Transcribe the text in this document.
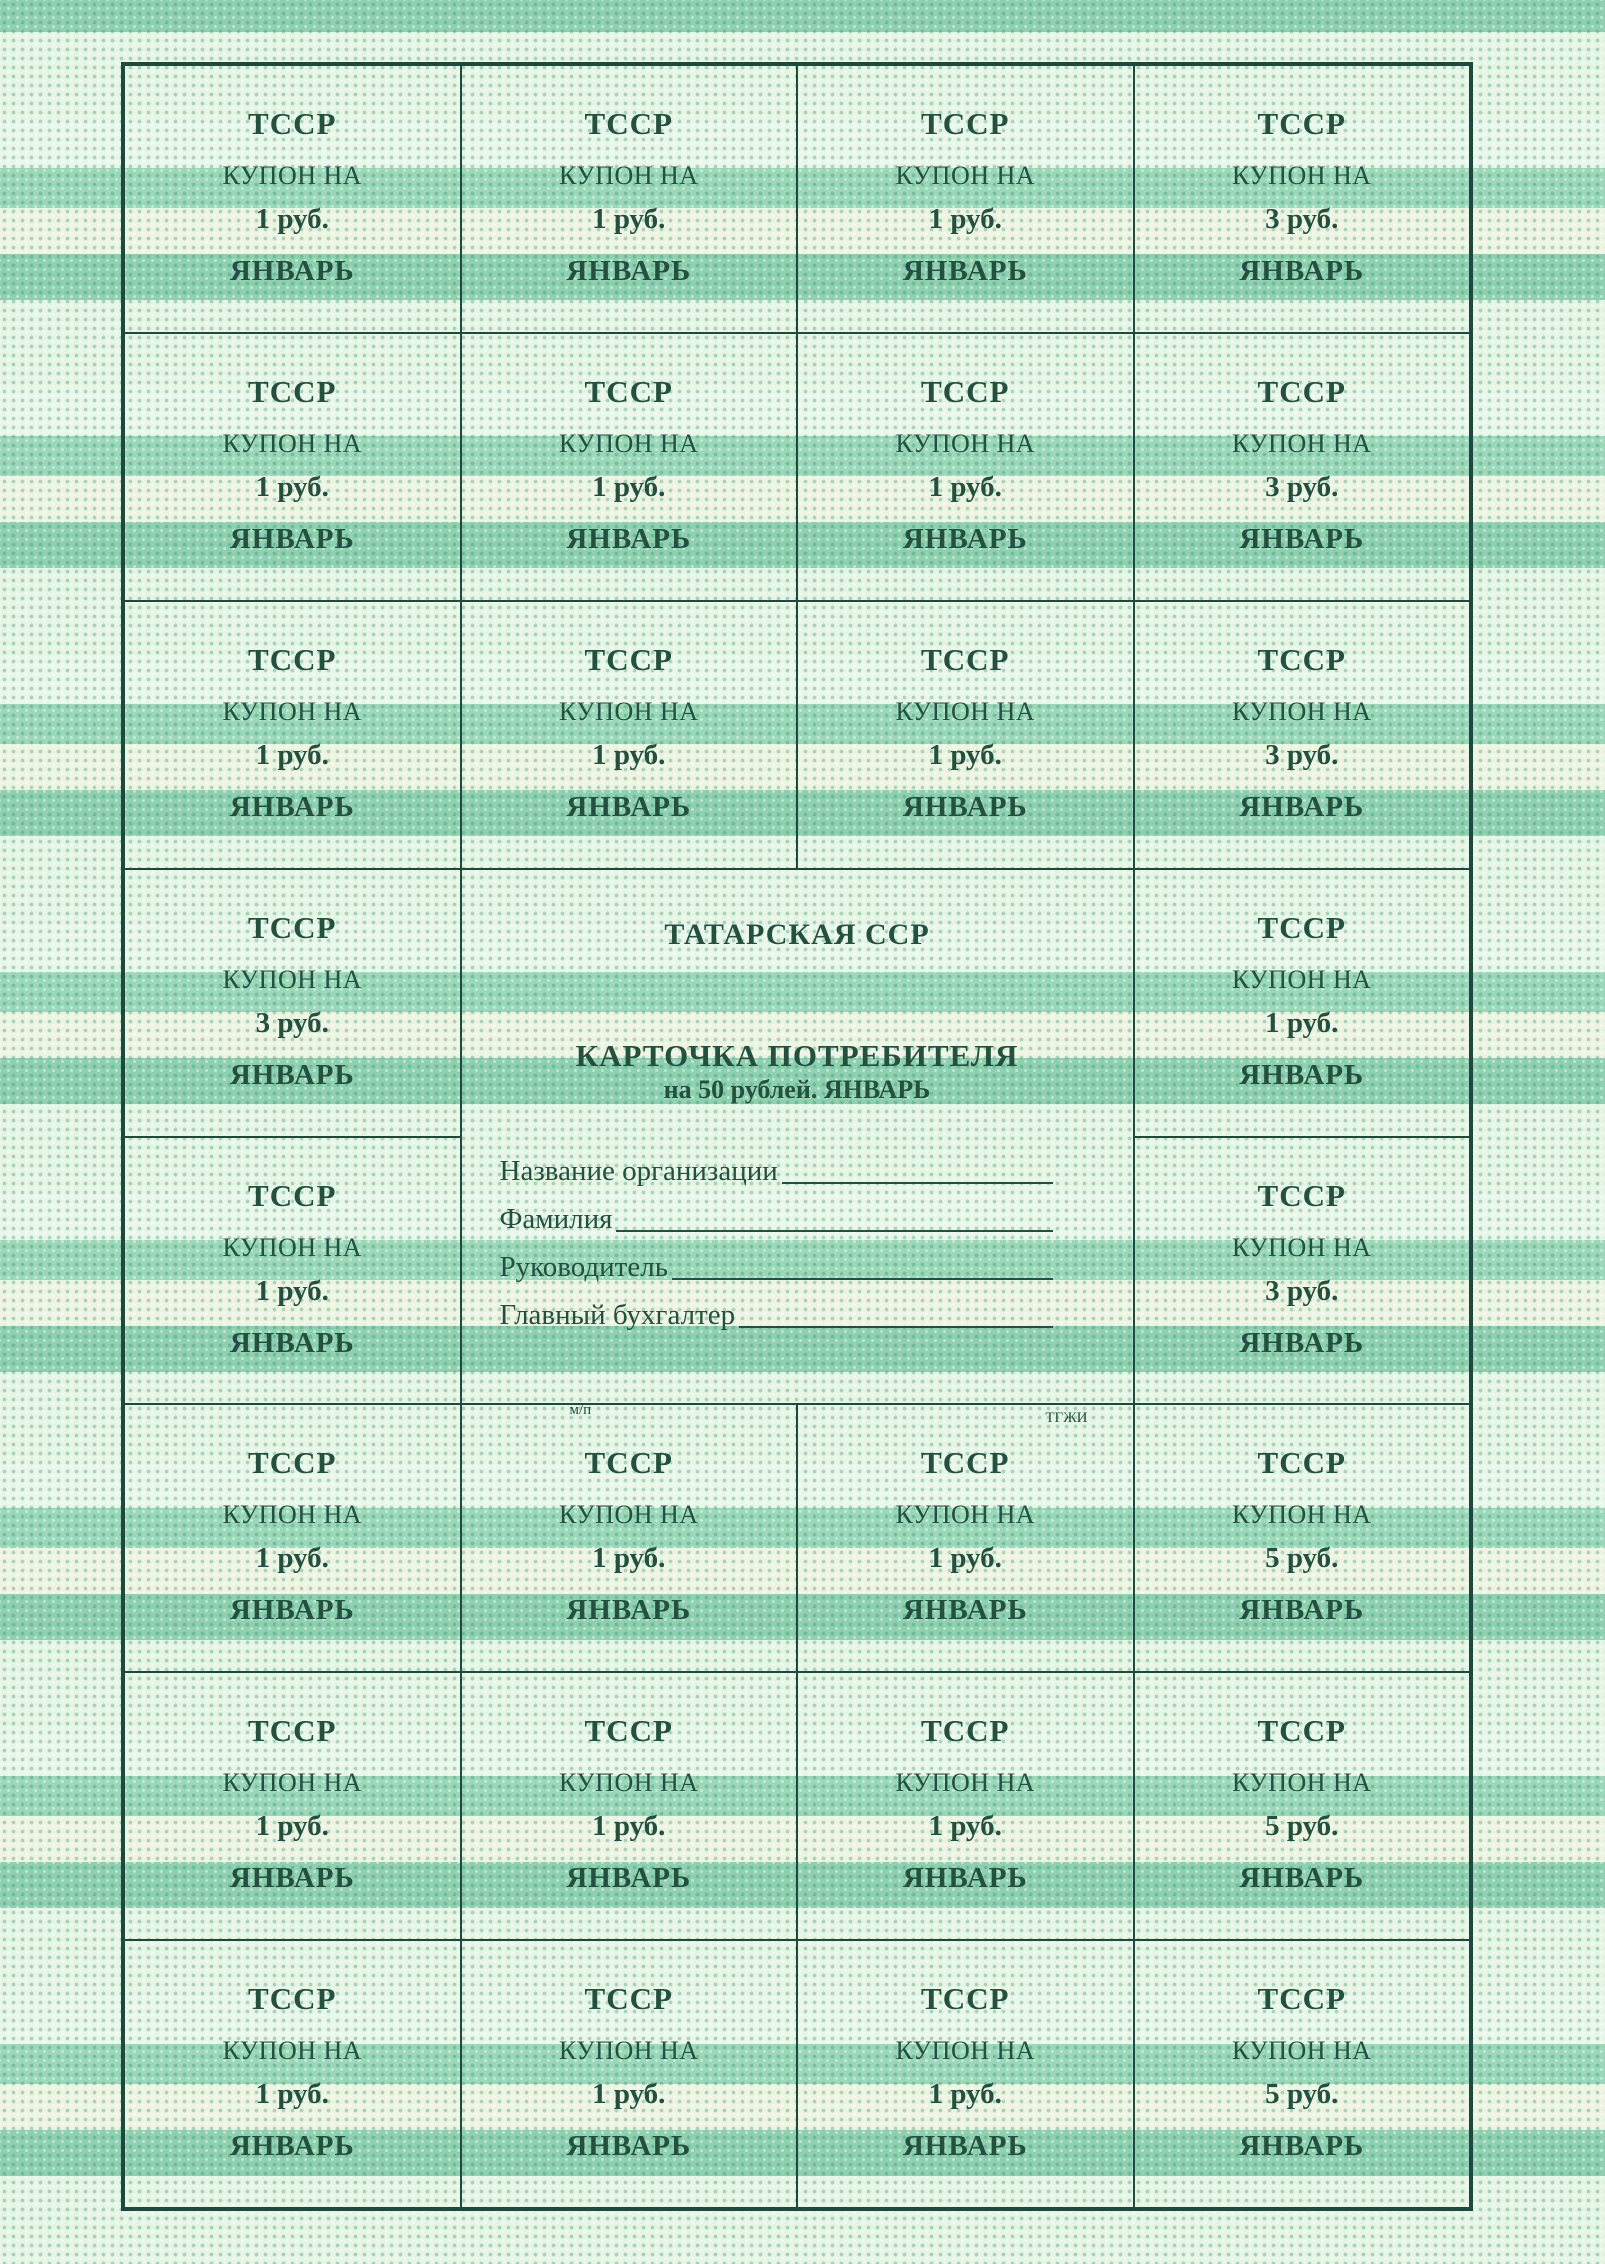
ТССР
КУПОН НА
1 руб.
ЯНВАРЬ
ТССР
КУПОН НА
1 руб.
ЯНВАРЬ
ТССР
КУПОН НА
1 руб.
ЯНВАРЬ
ТССР
КУПОН НА
3 руб.
ЯНВАРЬ
ТССР
КУПОН НА
1 руб.
ЯНВАРЬ
ТССР
КУПОН НА
1 руб.
ЯНВАРЬ
ТССР
КУПОН НА
1 руб.
ЯНВАРЬ
ТССР
КУПОН НА
3 руб.
ЯНВАРЬ
ТССР
КУПОН НА
1 руб.
ЯНВАРЬ
ТССР
КУПОН НА
1 руб.
ЯНВАРЬ
ТССР
КУПОН НА
1 руб.
ЯНВАРЬ
ТССР
КУПОН НА
3 руб.
ЯНВАРЬ
ТССР
КУПОН НА
3 руб.
ЯНВАРЬ
ТАТАРСКАЯ ССР
КАРТОЧКА ПОТРЕБИТЕЛЯ
на 50 рублей. ЯНВАРЬ
Название организации
Фамилия
Руководитель
Главный бухгалтер
м/п	ТГЖИ
ТССР
КУПОН НА
1 руб.
ЯНВАРЬ
ТССР
КУПОН НА
1 руб.
ЯНВАРЬ
ТССР
КУПОН НА
3 руб.
ЯНВАРЬ
ТССР
КУПОН НА
1 руб.
ЯНВАРЬ
ТССР
КУПОН НА
1 руб.
ЯНВАРЬ
ТССР
КУПОН НА
1 руб.
ЯНВАРЬ
ТССР
КУПОН НА
5 руб.
ЯНВАРЬ
ТССР
КУПОН НА
1 руб.
ЯНВАРЬ
ТССР
КУПОН НА
1 руб.
ЯНВАРЬ
ТССР
КУПОН НА
1 руб.
ЯНВАРЬ
ТССР
КУПОН НА
5 руб.
ЯНВАРЬ
ТССР
КУПОН НА
1 руб.
ЯНВАРЬ
ТССР
КУПОН НА
1 руб.
ЯНВАРЬ
ТССР
КУПОН НА
1 руб.
ЯНВАРЬ
ТССР
КУПОН НА
5 руб.
ЯНВАРЬ
